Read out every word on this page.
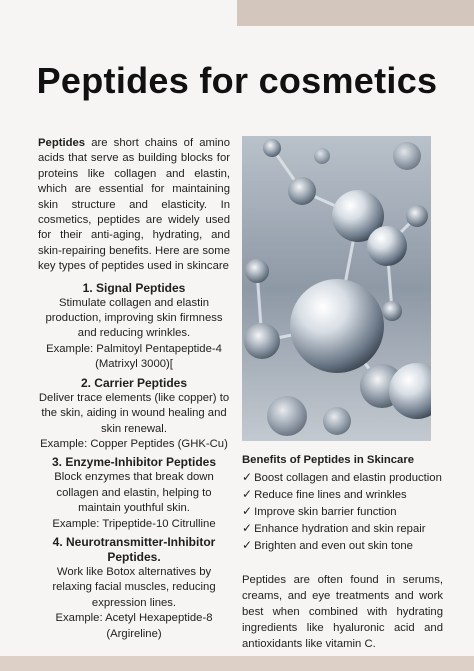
Peptides for cosmetics

Peptides are short chains of amino acids that serve as building blocks for proteins like collagen and elastin, which are essential for maintaining skin structure and elasticity. In cosmetics, peptides are widely used for their anti-aging, hydrating, and skin-repairing benefits. Here are some key types of peptides used in skincare

1. Signal Peptides

Stimulate collagen and elastin production, improving skin firmness and reducing wrinkles.

Example: Palmitoyl Pentapeptide-4 (Matrixyl 3000)[

2. Carrier Peptides

Deliver trace elements (like copper) to the skin, aiding in wound healing and skin renewal.

Example: Copper Peptides (GHK-Cu)

3. Enzyme-Inhibitor Peptides

Block enzymes that break down collagen and elastin, helping to maintain youthful skin.

Example: Tripeptide-10 Citrulline

4. Neurotransmitter-Inhibitor Peptides.

Work like Botox alternatives by relaxing facial muscles, reducing expression lines.

Example: Acetyl Hexapeptide-8 (Argireline)

Benefits of Peptides in Skincare
✓ Boost collagen and elastin production
✓ Reduce fine lines and wrinkles
✓ Improve skin barrier function
✓ Enhance hydration and skin repair
✓ Brighten and even out skin tone

Peptides are often found in serums, creams, and eye treatments and work best when combined with hydrating ingredients like hyaluronic acid and antioxidants like vitamin C.
